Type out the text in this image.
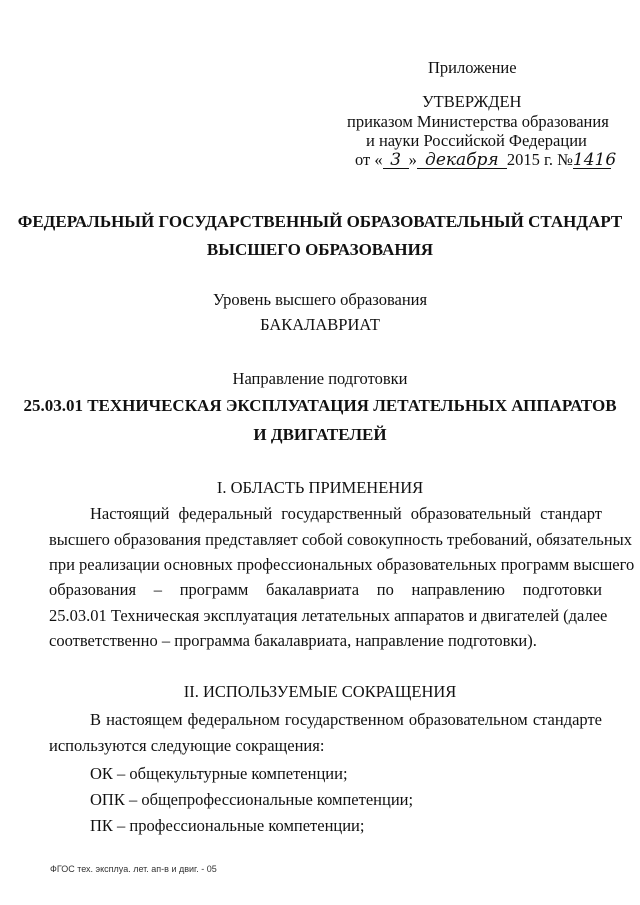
Приложение
УТВЕРЖДЕН
приказом Министерства образования
и науки Российской Федерации
от « 3 » декабря 2015 г. №1416
ФЕДЕРАЛЬНЫЙ ГОСУДАРСТВЕННЫЙ ОБРАЗОВАТЕЛЬНЫЙ СТАНДАРТ
ВЫСШЕГО ОБРАЗОВАНИЯ
Уровень высшего образования
БАКАЛАВРИАТ
Направление подготовки
25.03.01 ТЕХНИЧЕСКАЯ ЭКСПЛУАТАЦИЯ ЛЕТАТЕЛЬНЫХ АППАРАТОВ
И ДВИГАТЕЛЕЙ
I. ОБЛАСТЬ ПРИМЕНЕНИЯ
Настоящий федеральный государственный образовательный стандарт
высшего образования представляет собой совокупность требований, обязательных
при реализации основных профессиональных образовательных программ высшего
образования – программ бакалавриата по направлению подготовки
25.03.01 Техническая эксплуатация летательных аппаратов и двигателей (далее
соответственно – программа бакалавриата, направление подготовки).
II. ИСПОЛЬЗУЕМЫЕ СОКРАЩЕНИЯ
В настоящем федеральном государственном образовательном стандарте
используются следующие сокращения:
ОК – общекультурные компетенции;
ОПК – общепрофессиональные компетенции;
ПК – профессиональные компетенции;
ФГОС тех. эксплуа. лет. ап-в и двиг. - 05
